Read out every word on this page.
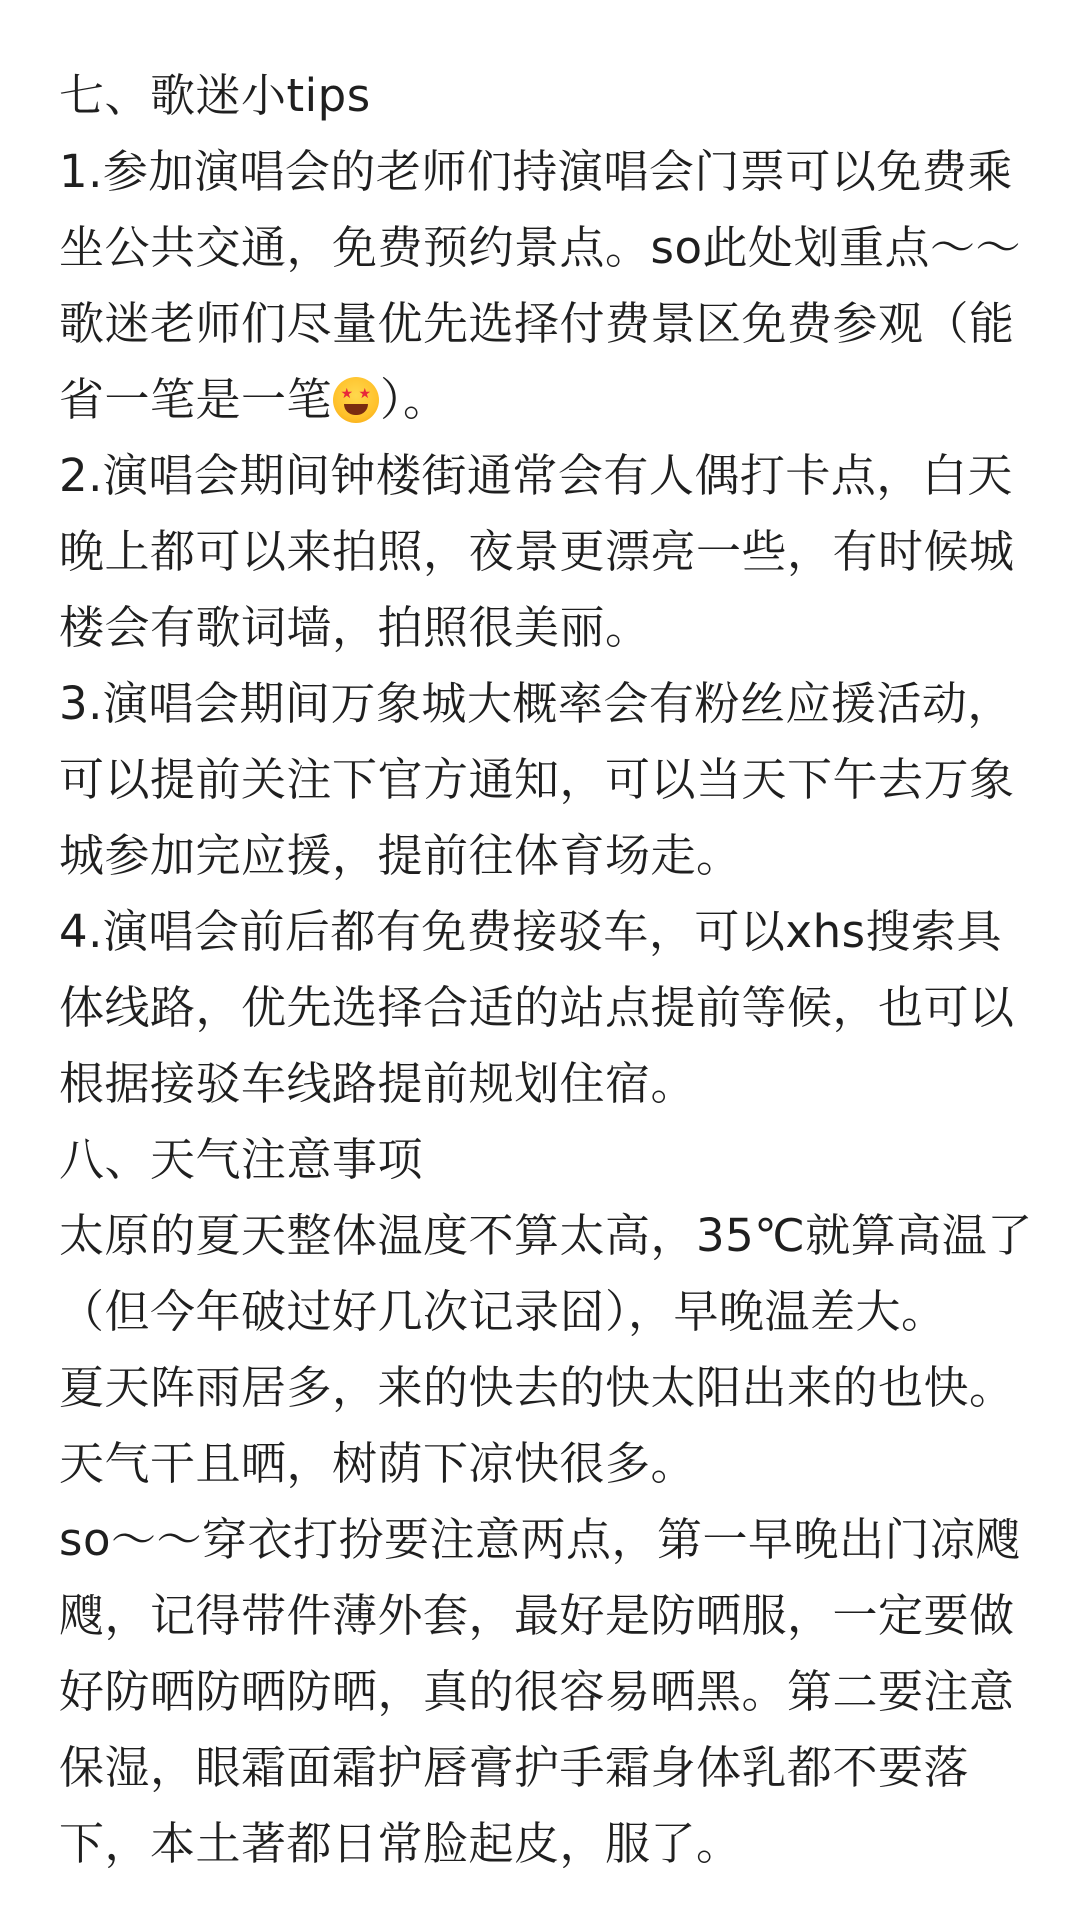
七、歌迷小tips
1.参加演唱会的老师们持演唱会门票可以免费乘
坐公共交通，免费预约景点。so此处划重点～～
歌迷老师们尽量优先选择付费景区免费参观（能
省一笔是一笔 ★ ★ ）。
2.演唱会期间钟楼街通常会有人偶打卡点，白天
晚上都可以来拍照，夜景更漂亮一些，有时候城
楼会有歌词墙，拍照很美丽。
3.演唱会期间万象城大概率会有粉丝应援活动，
可以提前关注下官方通知，可以当天下午去万象
城参加完应援，提前往体育场走。
4.演唱会前后都有免费接驳车，可以xhs搜索具
体线路，优先选择合适的站点提前等候，也可以
根据接驳车线路提前规划住宿。
八、天气注意事项
太原的夏天整体温度不算太高，35℃就算高温了
（但今年破过好几次记录囧），早晚温差大。
夏天阵雨居多，来的快去的快太阳出来的也快。
天气干且晒，树荫下凉快很多。
so～～穿衣打扮要注意两点，第一早晚出门凉飕
飕，记得带件薄外套，最好是防晒服，一定要做
好防晒防晒防晒，真的很容易晒黑。第二要注意
保湿，眼霜面霜护唇膏护手霜身体乳都不要落
下，本土著都日常脸起皮，服了。
